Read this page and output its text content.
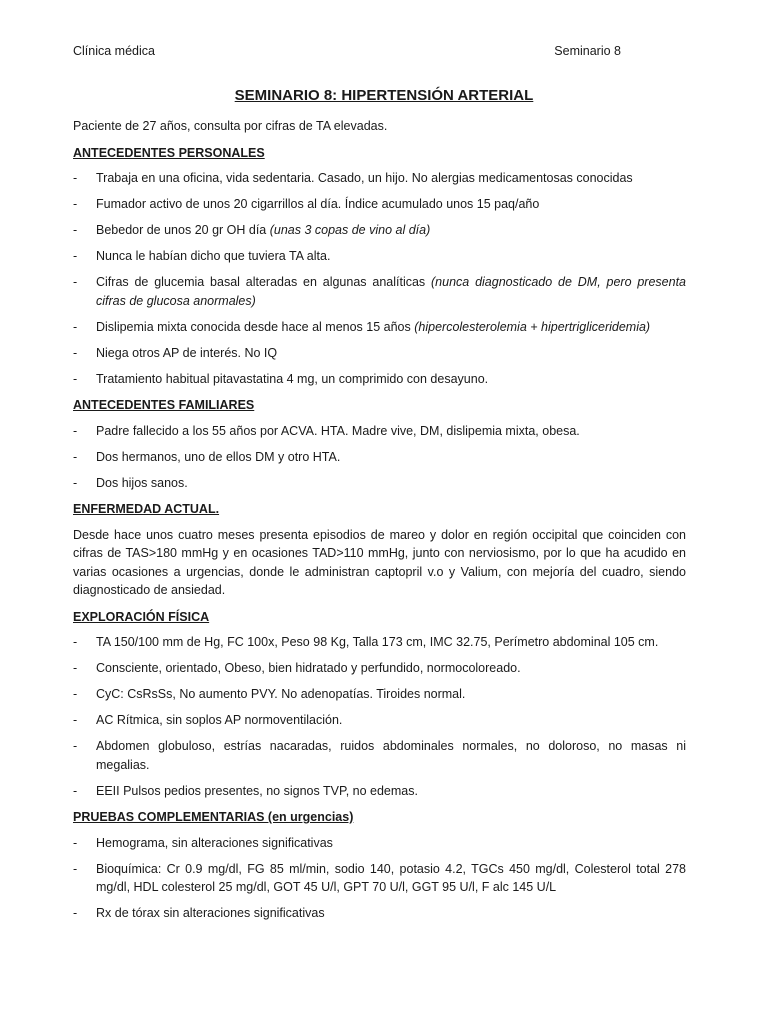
Clínica médica	Seminario 8
SEMINARIO 8: HIPERTENSIÓN ARTERIAL

Paciente de 27 años, consulta por cifras de TA elevadas.

ANTECEDENTES PERSONALES

- Trabaja en una oficina, vida sedentaria. Casado, un hijo. No alergias medicamentosas conocidas
- Fumador activo de unos 20 cigarrillos al día. Índice acumulado unos 15 paq/año
- Bebedor de unos 20 gr OH día (unas 3 copas de vino al día)
- Nunca le habían dicho que tuviera TA alta.
- Cifras de glucemia basal alteradas en algunas analíticas (nunca diagnosticado de DM, pero presenta cifras de glucosa anormales)
- Dislipemia mixta conocida desde hace al menos 15 años (hipercolesterolemia + hipertrigliceridemia)
- Niega otros AP de interés. No IQ
- Tratamiento habitual pitavastatina 4 mg, un comprimido con desayuno.

ANTECEDENTES FAMILIARES

- Padre fallecido a los 55 años por ACVA. HTA. Madre vive, DM, dislipemia mixta, obesa.
- Dos hermanos, uno de ellos DM y otro HTA.
- Dos hijos sanos.

ENFERMEDAD ACTUAL.

Desde hace unos cuatro meses presenta episodios de mareo y dolor en región occipital que coinciden con cifras de TAS>180 mmHg y en ocasiones TAD>110 mmHg, junto con nerviosismo, por lo que ha acudido en varias ocasiones a urgencias, donde le administran captopril v.o y Valium, con mejoría del cuadro, siendo diagnosticado de ansiedad.

EXPLORACIÓN FÍSICA

- TA 150/100 mm de Hg, FC 100x, Peso 98 Kg, Talla 173 cm, IMC 32.75, Perímetro abdominal 105 cm.
- Consciente, orientado, Obeso, bien hidratado y perfundido, normocoloreado.
- CyC: CsRsSs, No aumento PVY. No adenopatías. Tiroides normal.
- AC Rítmica, sin soplos AP normoventilación.
- Abdomen globuloso, estrías nacaradas, ruidos abdominales normales, no doloroso, no masas ni megalias.
- EEII Pulsos pedios presentes, no signos TVP, no edemas.

PRUEBAS COMPLEMENTARIAS (en urgencias)

- Hemograma, sin alteraciones significativas
- Bioquímica: Cr 0.9 mg/dl, FG 85 ml/min, sodio 140, potasio 4.2, TGCs 450 mg/dl, Colesterol total 278 mg/dl, HDL colesterol 25 mg/dl, GOT 45 U/l, GPT 70 U/l, GGT 95 U/l, F alc 145 U/L
- Rx de tórax sin alteraciones significativas
